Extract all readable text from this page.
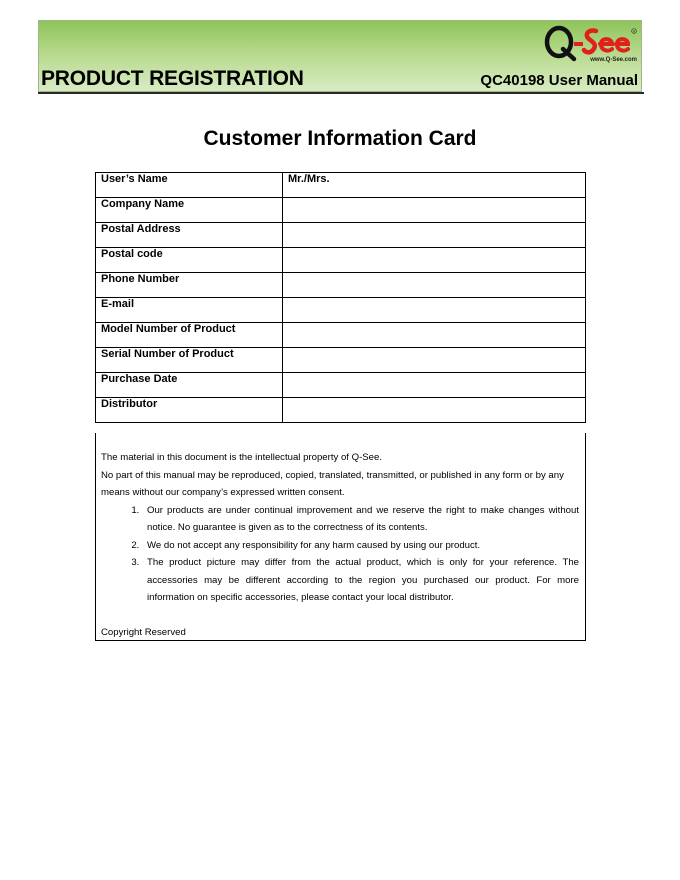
R
www.Q-See.com
PRODUCT REGISTRATION	QC40198 User Manual
Customer Information Card
User’s Name	Mr./Mrs.
Company Name	
Postal Address	
Postal code	
Phone Number	
E-mail	
Model Number of Product	
Serial Number of Product	
Purchase Date	
Distributor	

The material in this document is the intellectual property of Q-See.

No part of this manual may be reproduced, copied, translated, transmitted, or published in any form or by any means without our company’s expressed written consent.

1. Our products are under continual improvement and we reserve the right to make changes without notice. No guarantee is given as to the correctness of its contents.
2. We do not accept any responsibility for any harm caused by using our product.
3. The product picture may differ from the actual product, which is only for your reference. The accessories may be different according to the region you purchased our product. For more information on specific accessories, please contact your local distributor.

Copyright Reserved
